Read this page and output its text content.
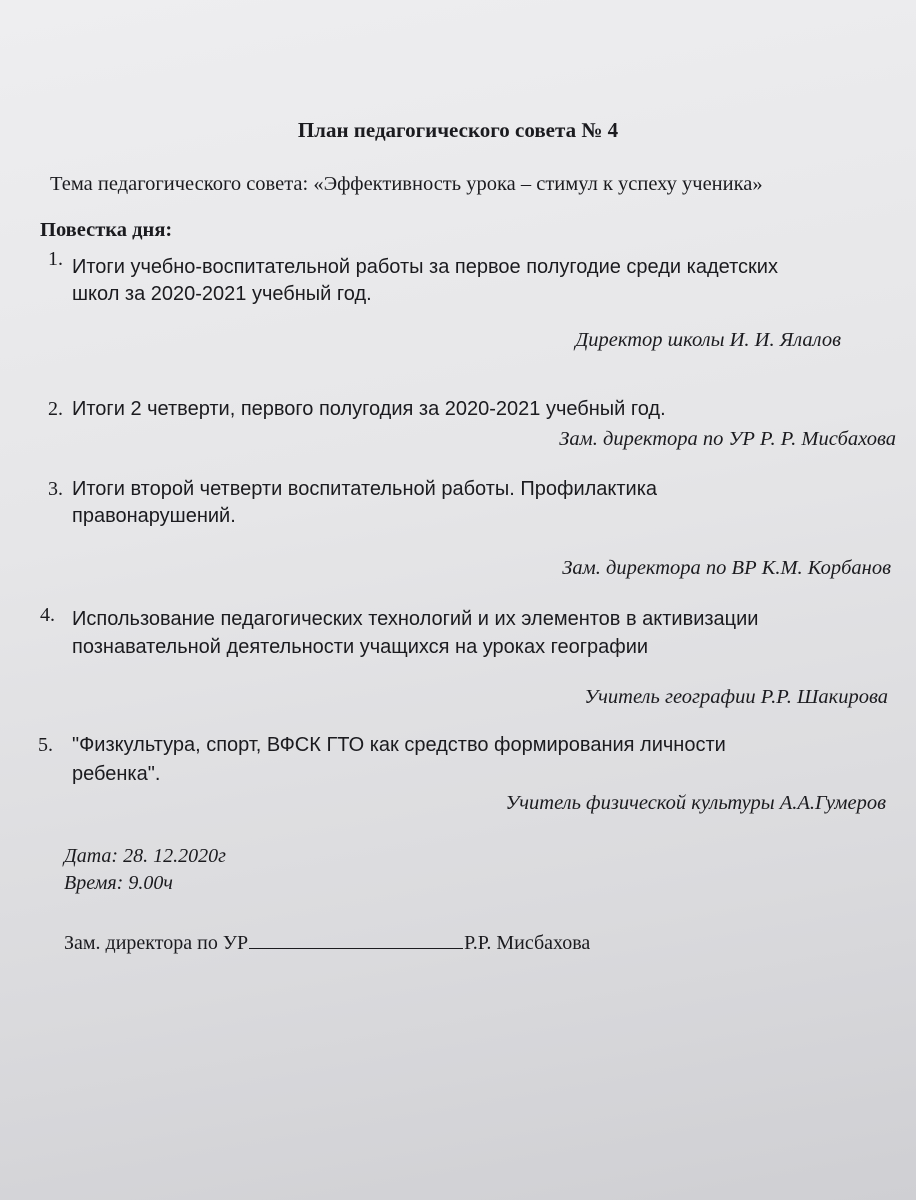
План педагогического совета № 4

Тема педагогического совета: «Эффективность урока – стимул к успеху ученика»

Повестка дня:

1. Итоги учебно-воспитательной работы за первое полугодие среди кадетских
школ за 2020-2021 учебный год.
Директор школы И. И. Ялалов
2. Итоги 2 четверти, первого полугодия за 2020-2021 учебный год.
Зам. директора по УР Р. Р. Мисбахова
3. Итоги второй четверти воспитательной работы. Профилактика
правонарушений.
Зам. директора по ВР К.М. Корбанов
4. Использование педагогических технологий и их элементов в активизации
познавательной деятельности учащихся на уроках географии
Учитель географии Р.Р. Шакирова
5. "Физкультура, спорт, ВФСК ГТО как средство формирования личности
ребенка".
Учитель физической культуры А.А.Гумеров
Дата: 28. 12.2020г
Время: 9.00ч
Зам. директора по УР	Р.Р. Мисбахова
